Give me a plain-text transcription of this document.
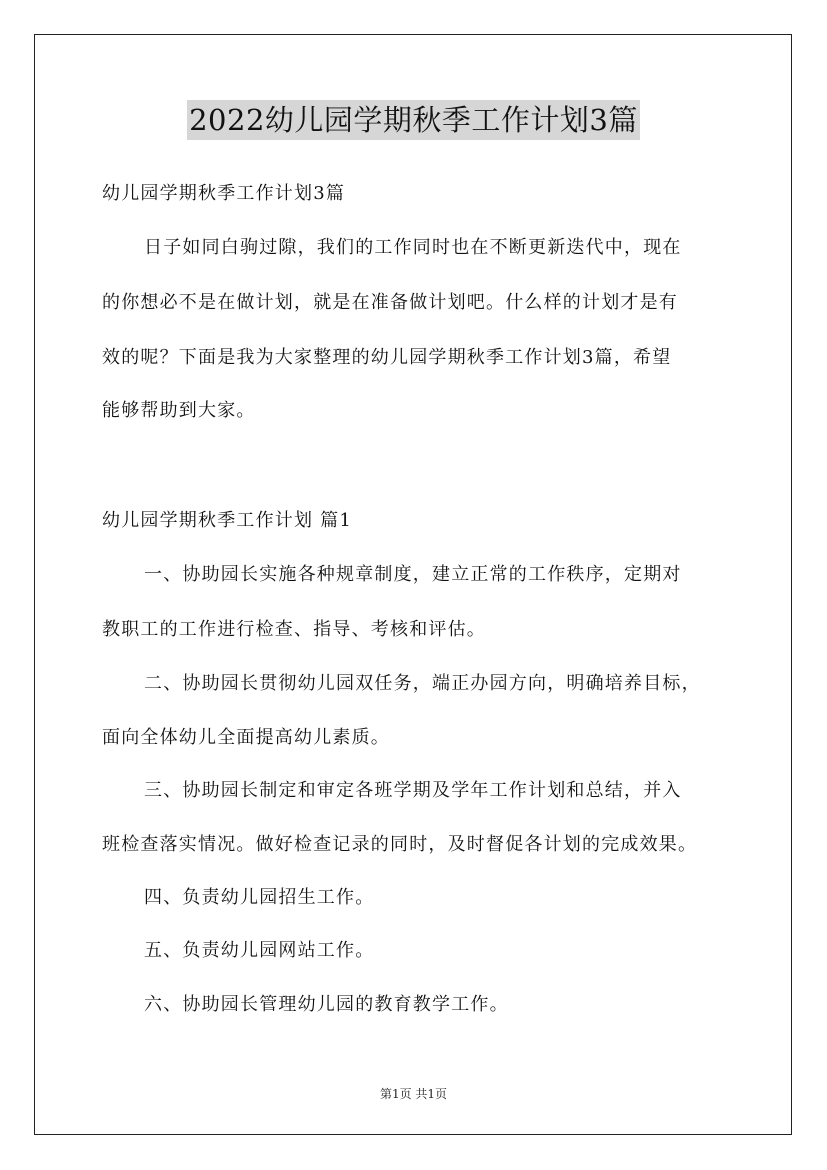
2022幼儿园学期秋季工作计划3篇

幼儿园学期秋季工作计划3篇

日子如同白驹过隙，我们的工作同时也在不断更新迭代中，现在

的你想必不是在做计划，就是在准备做计划吧。什么样的计划才是有

效的呢？下面是我为大家整理的幼儿园学期秋季工作计划3篇，希望

能够帮助到大家。

幼儿园学期秋季工作计划 篇1

一、协助园长实施各种规章制度，建立正常的工作秩序，定期对

教职工的工作进行检查、指导、考核和评估。

二、协助园长贯彻幼儿园双任务，端正办园方向，明确培养目标，

面向全体幼儿全面提高幼儿素质。

三、协助园长制定和审定各班学期及学年工作计划和总结，并入

班检查落实情况。做好检查记录的同时，及时督促各计划的完成效果。

四、负责幼儿园招生工作。

五、负责幼儿园网站工作。

六、协助园长管理幼儿园的教育教学工作。

第1页 共1页
